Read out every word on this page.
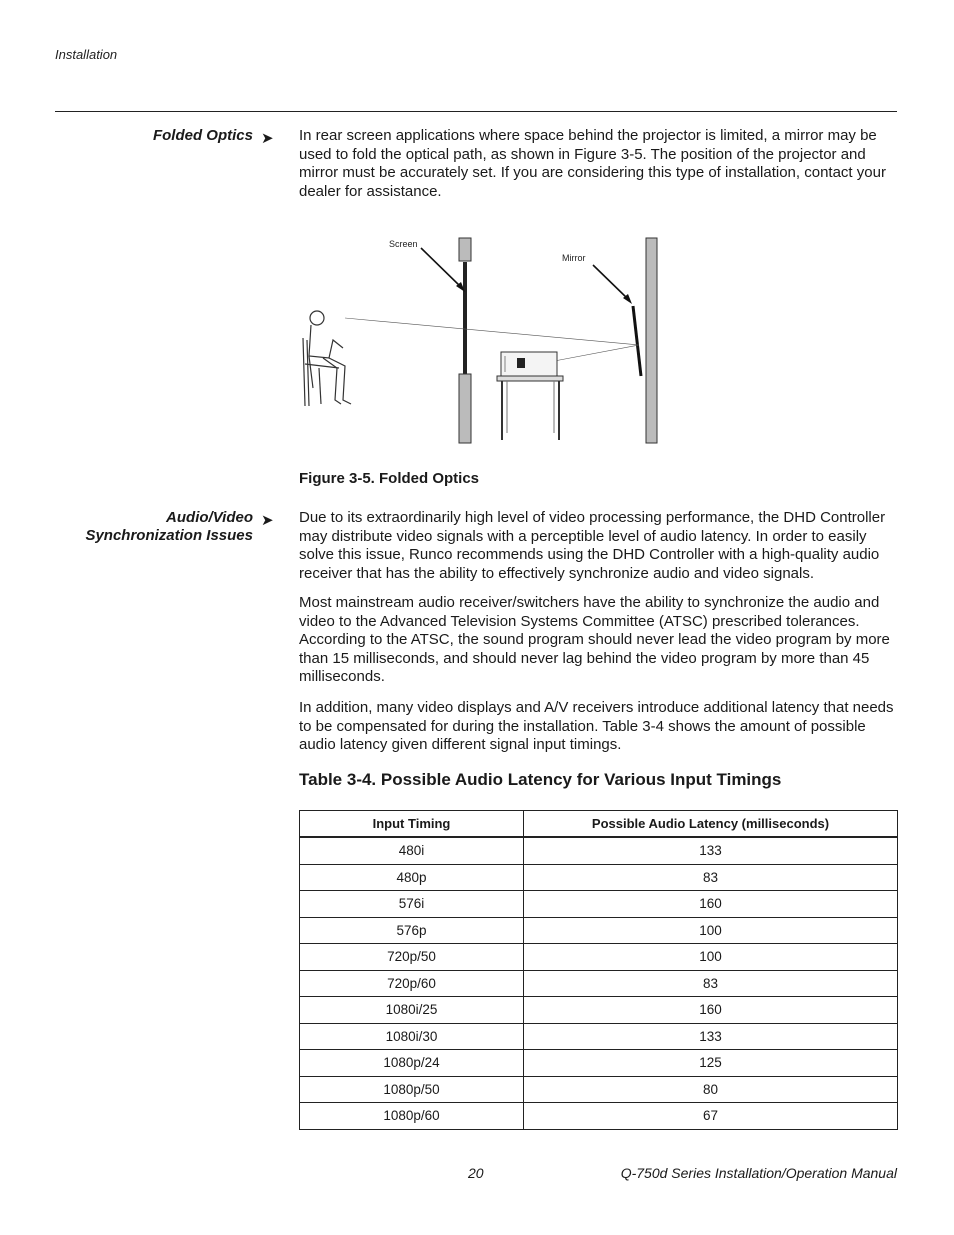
Installation
Folded Optics ➤ In rear screen applications where space behind the projector is limited, a mirror may be used to fold the optical path, as shown in Figure 3-5. The position of the projector and mirror must be accurately set. If you are considering this type of installation, contact your dealer for assistance.

Screen
Mirror
Figure 3-5. Folded Optics
Audio/Video
Synchronization Issues
➤ Due to its extraordinarily high level of video processing performance, the DHD Controller may distribute video signals with a perceptible level of audio latency. In order to easily solve this issue, Runco recommends using the DHD Controller with a high-quality audio receiver that has the ability to effectively synchronize audio and video signals.

Most mainstream audio receiver/switchers have the ability to synchronize the audio and video to the Advanced Television Systems Committee (ATSC) prescribed tolerances. According to the ATSC, the sound program should never lead the video program by more than 15 milliseconds, and should never lag behind the video program by more than 45 milliseconds.

In addition, many video displays and A/V receivers introduce additional latency that needs to be compensated for during the installation. Table 3-4 shows the amount of possible audio latency given different signal input timings.

Table 3-4. Possible Audio Latency for Various Input Timings
Input Timing	Possible Audio Latency (milliseconds)
480i	133
480p	83
576i	160
576p	100
720p/50	100
720p/60	83
1080i/25	160
1080i/30	133
1080p/24	125
1080p/50	80
1080p/60	67
20	Q-750d Series Installation/Operation Manual
